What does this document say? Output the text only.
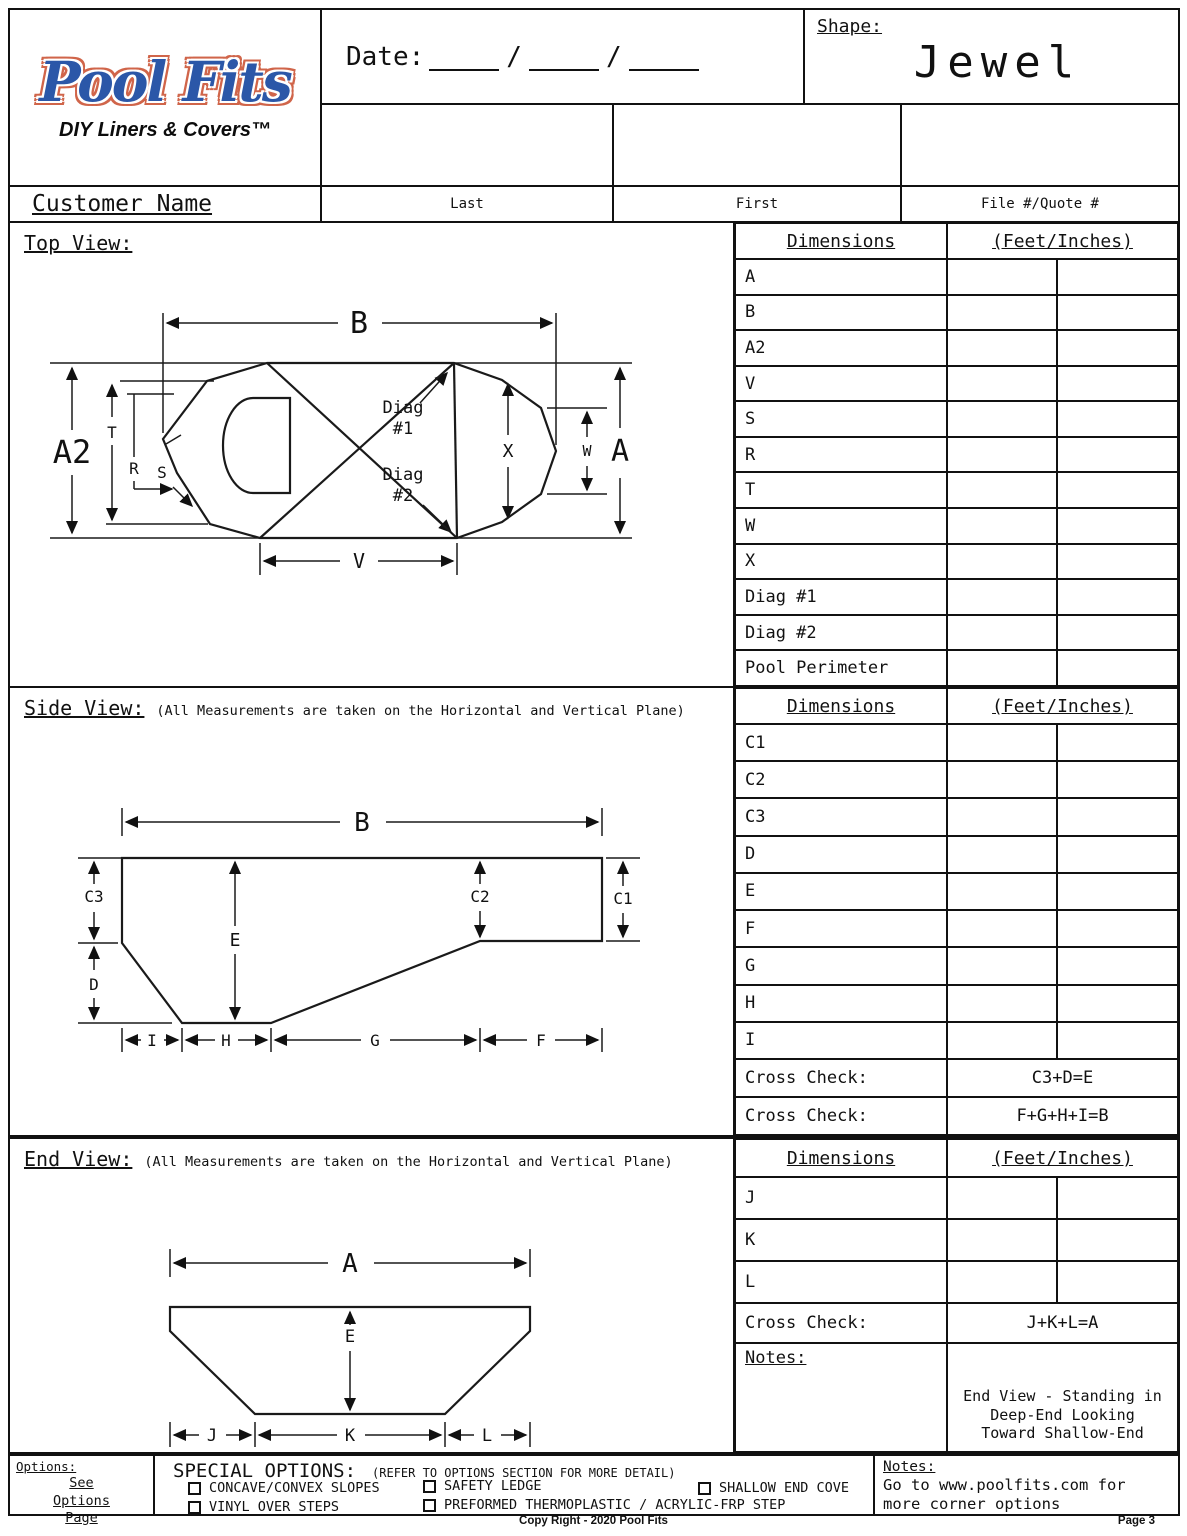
Pool Fits
DIY Liners & Covers™
Date:	/	/
Shape:
Jewel
Customer Name	Last	First	File #/Quote #
Top View:
B
A2
T
R S
X	W A
V
Diag
#1
Diag
#2
Dimensions	(Feet/Inches)
A
B
A2
V
S
R
T
W
X
Diag #1
Diag #2
Pool Perimeter
Side View: (All Measurements are taken on the Horizontal and Vertical Plane)
B
C3
D
E
C2	C1
I	H	G	F
Dimensions	(Feet/Inches)
C1
C2
C3
D
E
F
G
H
I
Cross Check:	C3+D=E
Cross Check:	F+G+H+I=B
End View: (All Measurements are taken on the Horizontal and Vertical Plane)
A
E
J	K	L
Dimensions	(Feet/Inches)
J
K
L
Cross Check:	J+K+L=A
Notes:
End View - Standing in Deep-End Looking Toward Shallow-End
Options:
See
Options
Page
SPECIAL OPTIONS: (REFER TO OPTIONS SECTION FOR MORE DETAIL)
CONCAVE/CONVEX SLOPES	SAFETY LEDGE	SHALLOW END COVE
VINYL OVER STEPS	PREFORMED THERMOPLASTIC / ACRYLIC-FRP STEP
Notes:
Go to www.poolfits.com for more corner options
Copy Right - 2020 Pool Fits	Page 3
